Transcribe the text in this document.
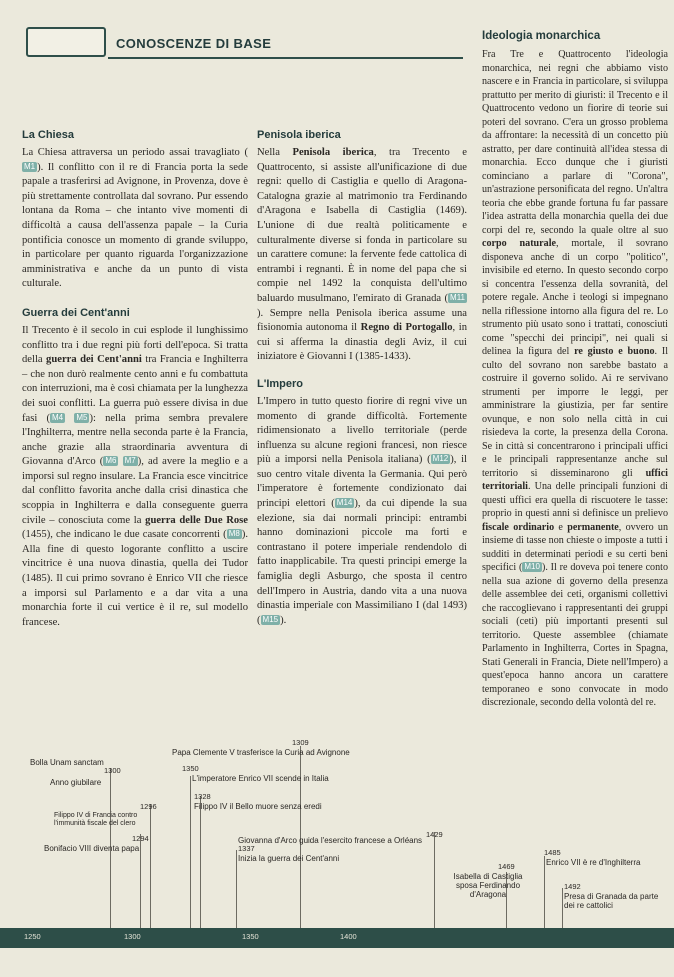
CONOSCENZE DI BASE	Ideologia monarchica
La Chiesa

La Chiesa attraversa un periodo assai travagliato (M1 ). Il conflitto con il re di Francia porta la sede papale a trasferirsi ad Avignone, in Provenza, dove è più strettamente controllata dal sovrano. Pur essendo lontana da Roma – che intanto vive momenti di difficoltà a causa dell'assenza papale – la Curia pontificia conosce un momento di grande sviluppo, in particolare per quanto riguarda l'organizzazione amministrativa e anche da un punto di vista culturale.

Guerra dei Cent'anni

Il Trecento è il secolo in cui esplode il lunghissimo conflitto tra i due regni più forti dell'epoca. Si tratta della guerra dei Cent'anni tra Francia e Inghilterra – che non durò realmente cento anni e fu combattuta con interruzioni, ma è così chiamata per la lunghezza dei suoi conflitti. La guerra può essere divisa in due fasi ( M4 M5 ): nella prima sembra prevalere l'Inghilterra, mentre nella seconda parte è la Francia, anche grazie alla straordinaria avventura di Giovanna d'Arco ( M6 M7 ), ad avere la meglio e a imporsi sul regno insulare. La Francia esce vincitrice dal conflitto favorita anche dalla crisi dinastica che scoppia in Inghilterra e dalla conseguente guerra civile – conosciuta come la guerra delle Due Rose (1455), che indicano le due casate concorrenti ( M8 ). Alla fine di questo logorante conflitto a uscire vincitrice è una nuova dinastia, quella dei Tudor (1485). Il cui primo sovrano è Enrico VII che riesce a imporsi sul Parlamento e a dar vita a una monarchia forte il cui vertice è il re, sul modello francese.

Penisola iberica

Nella Penisola iberica, tra Trecento e Quattrocento, si assiste all'unificazione di due regni: quello di Castiglia e quello di Aragona-Catalogna grazie al matrimonio tra Ferdinando d'Aragona e Isabella di Castiglia (1469). L'unione di due realtà politicamente e culturalmente diverse si fonda in particolare su un carattere comune: la fervente fede cattolica di entrambi i regnanti. È in nome del papa che si compie nel 1492 la conquista dell'ultimo baluardo musulmano, l'emirato di Granada ( M11). Sempre nella Penisola iberica assume una fisionomia autonoma il Regno di Portogallo, in cui si afferma la dinastia degli Aviz, il cui iniziatore è Giovanni I (1385-1433).

L'Impero

L'Impero in tutto questo fiorire di regni vive un momento di grande difficoltà. Fortemente ridimensionato a livello territoriale (perde influenza su alcune regioni francesi, non riesce più a imporsi nella Penisola italiana) ( M12 ), il suo centro vitale diventa la Germania. Qui però l'imperatore è fortemente condizionato dai principi elettori ( M14 ), da cui dipende la sua elezione, sia dai normali principi: entrambi hanno dominazioni piccole ma forti e contrastano il potere imperiale rendendolo di fatto inapplicabile. Tra questi principi emerge la famiglia degli Asburgo, che sposta il centro dell'Impero in Austria, dando vita a una nuova dinastia imperiale con Massimiliano I (dal 1493) ( M15 ).

Fra Tre e Quattrocento l'ideologia monarchica, nei regni che abbiamo visto nascere e in Francia in particolare, si sviluppa prattutto per merito di giuristi: il Trecento e il Quattrocento vedono un fiorire di teorie sui poteri del sovrano. C'era un grosso problema da affrontare: la necessità di un concetto più astratto, per dare continuità all'idea stessa di monarchia. Ecco dunque che i giuristi cominciano a parlare di "Corona", un'astrazione personificata del regno. Un'altra teoria che ebbe grande fortuna fu far passare l'idea astratta della monarchia quella dei due corpi del re, secondo la quale oltre al suo corpo naturale, mortale, il sovrano disponeva anche di un corpo "politico", invisibile ed eterno. In questo secondo corpo si concentra l'essenza della sovranità, del potere regale. Anche i teologi si impegnano nella riflessione intorno alla figura del re. Lo strumento più usato sono i trattati, conosciuti come "specchi dei principi", nei quali si delinea la figura del re giusto e buono. Il culto del sovrano non sarebbe bastato a costruire il governo solido. Ai re servivano strumenti per imporre le leggi, per amministrare la giustizia, per far sentire ovunque, e non solo nella città in cui risiedeva la corte, la presenza della Corona. Se in città si concentrarono i principali uffici e le principali rappresentanze anche sul territorio si disseminarono gli uffici territoriali. Una delle principali funzioni di questi uffici era quella di riscuotere le tasse: proprio in questi anni si definisce un prelievo fiscale ordinario e permanente, ovvero un insieme di tasse non chieste o imposte a tutti i sudditi in determinati periodi e su certi beni specifici ( M10 ). Il re doveva poi tenere conto nella sua azione di governo della presenza delle assemblee dei ceti, organismi collettivi che raccoglievano i rappresentanti dei gruppi sociali (ceti) più importanti presenti sul territorio. Queste assemblee (chiamate Parlamento in Inghilterra, Cortes in Spagna, Stati Generali in Francia, Diete nell'Impero) a quest'epoca hanno ancora un carattere temporaneo e sono convocate in modo discrezionale, secondo della volontà del re.

1309
Papa Clemente V trasferisce la Curia ad Avignone
Bolla Unam sanctam
1350
L'imperatore Enrico VII scende in Italia
1300
Anno giubilare
1328
Filippo IV il Bello muore senza eredi
1296
Filippo IV di Francia contro l'immunità fiscale del clero
1294
Bonifacio VIII diventa papa	1337
Inizia la guerra dei Cent'anni
1429
Giovanna d'Arco guida l'esercito francese a Orléans
1469
Isabella di Castiglia sposa Ferdinando d'Aragona
1485
Enrico VII è re d'Inghilterra
1492
Presa di Granada da parte dei re cattolici
1250	1300	1350	1400
